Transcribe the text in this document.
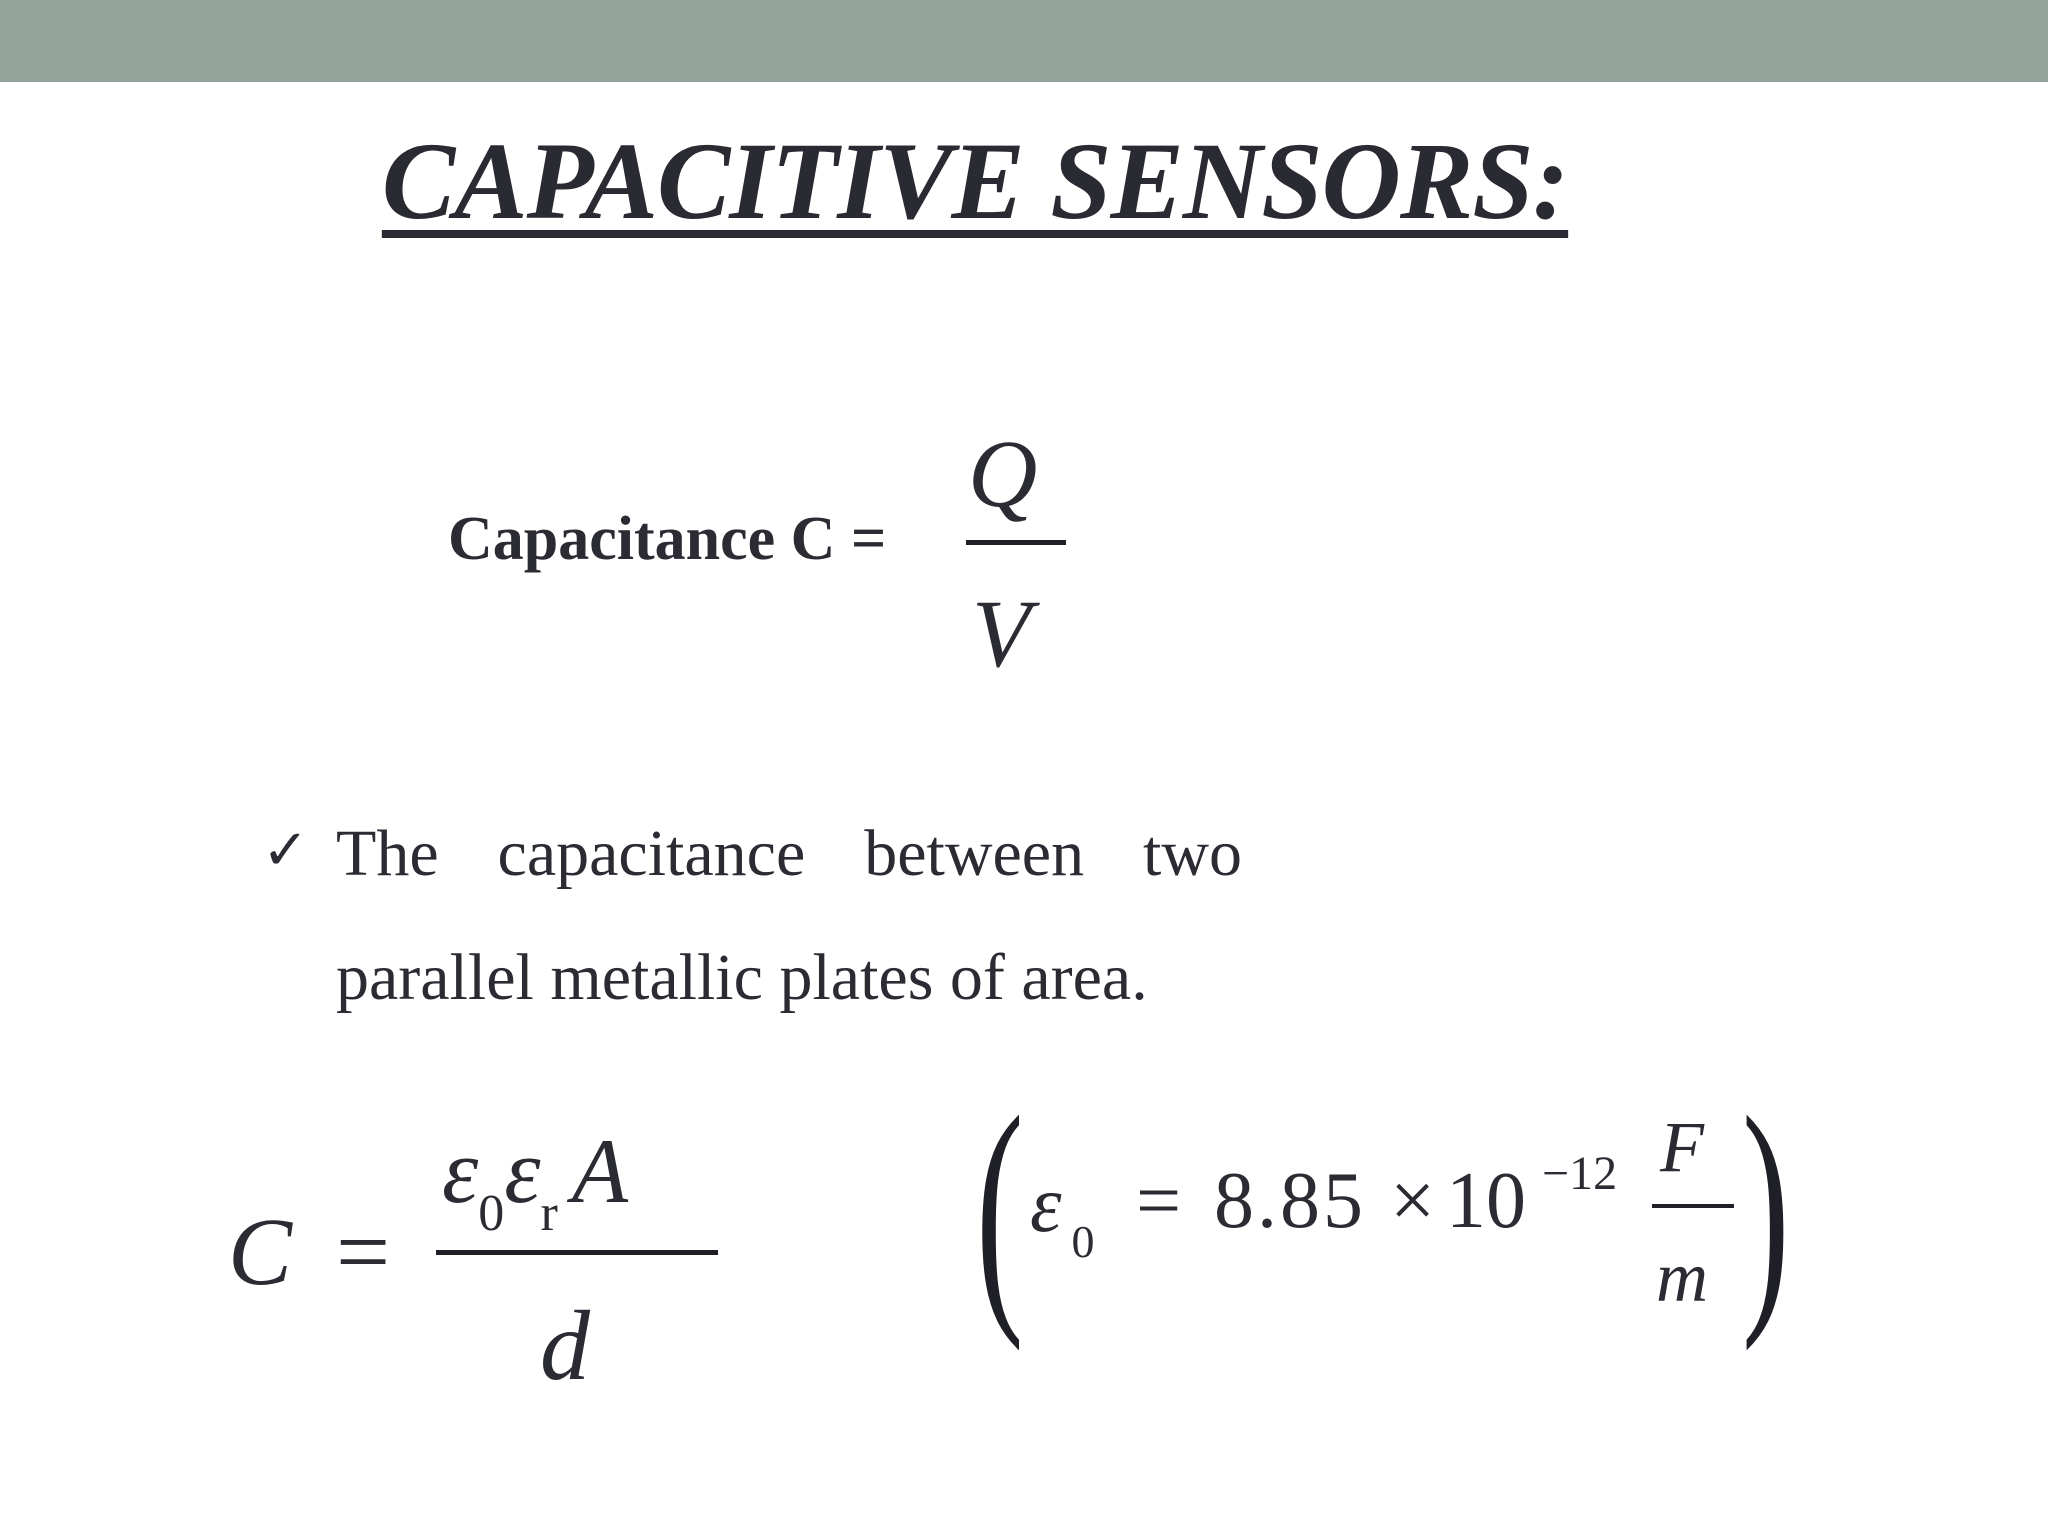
CAPACITIVE SENSORS:
Capacitance C =
Q
V
✓ The capacitance between two
parallel metallic plates of area.
C =
$\varepsilon_0\varepsilon_r$ A
d ( ε $_0$ = 8.85 × 10 −12 F
m )
